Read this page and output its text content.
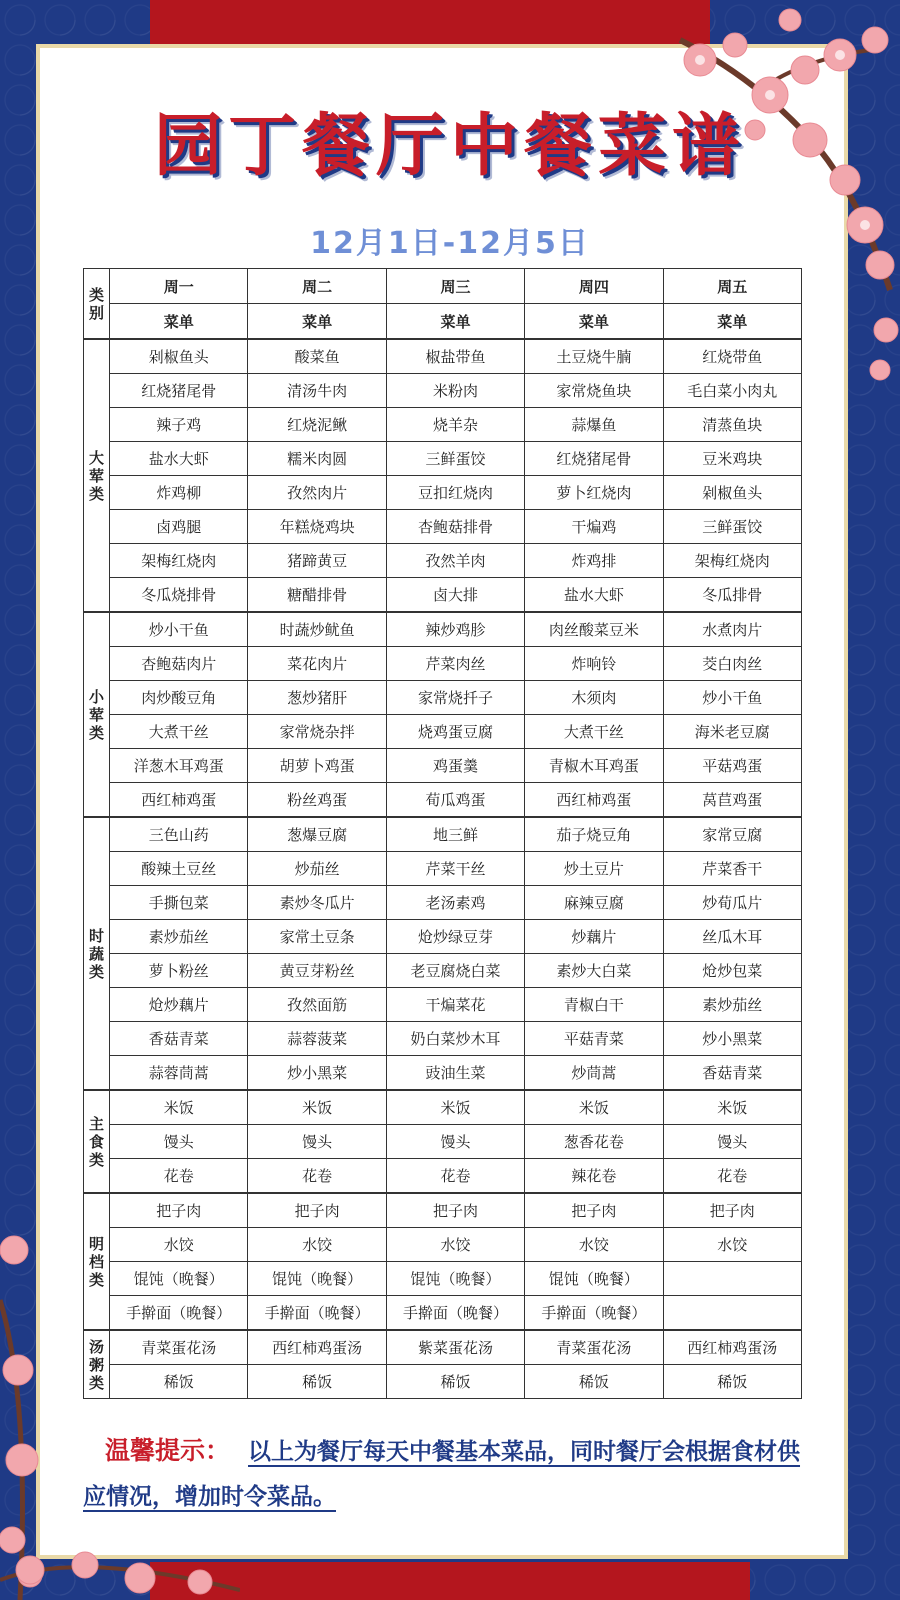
园丁餐厅中餐菜谱
12月1日-12月5日
类别	周一	周二	周三	周四	周五
	菜单	菜单	菜单	菜单	菜单
大荤类	剁椒鱼头	酸菜鱼	椒盐带鱼	土豆烧牛腩	红烧带鱼
	红烧猪尾骨	清汤牛肉	米粉肉	家常烧鱼块	毛白菜小肉丸
	辣子鸡	红烧泥鳅	烧羊杂	蒜爆鱼	清蒸鱼块
	盐水大虾	糯米肉圆	三鲜蛋饺	红烧猪尾骨	豆米鸡块
	炸鸡柳	孜然肉片	豆扣红烧肉	萝卜红烧肉	剁椒鱼头
	卤鸡腿	年糕烧鸡块	杏鲍菇排骨	干煸鸡	三鲜蛋饺
	架梅红烧肉	猪蹄黄豆	孜然羊肉	炸鸡排	架梅红烧肉
	冬瓜烧排骨	糖醋排骨	卤大排	盐水大虾	冬瓜排骨
小荤类	炒小干鱼	时蔬炒鱿鱼	辣炒鸡胗	肉丝酸菜豆米	水煮肉片
	杏鲍菇肉片	菜花肉片	芹菜肉丝	炸响铃	茭白肉丝
	肉炒酸豆角	葱炒猪肝	家常烧扦子	木须肉	炒小干鱼
	大煮干丝	家常烧杂拌	烧鸡蛋豆腐	大煮干丝	海米老豆腐
	洋葱木耳鸡蛋	胡萝卜鸡蛋	鸡蛋羹	青椒木耳鸡蛋	平菇鸡蛋
	西红柿鸡蛋	粉丝鸡蛋	荀瓜鸡蛋	西红柿鸡蛋	莴苣鸡蛋
时蔬类	三色山药	葱爆豆腐	地三鲜	茄子烧豆角	家常豆腐
	酸辣土豆丝	炒茄丝	芹菜干丝	炒土豆片	芹菜香干
	手撕包菜	素炒冬瓜片	老汤素鸡	麻辣豆腐	炒荀瓜片
	素炒茄丝	家常土豆条	炝炒绿豆芽	炒藕片	丝瓜木耳
	萝卜粉丝	黄豆芽粉丝	老豆腐烧白菜	素炒大白菜	炝炒包菜
	炝炒藕片	孜然面筋	干煸菜花	青椒白干	素炒茄丝
	香菇青菜	蒜蓉菠菜	奶白菜炒木耳	平菇青菜	炒小黑菜
	蒜蓉茼蒿	炒小黑菜	豉油生菜	炒茼蒿	香菇青菜
主食类	米饭	米饭	米饭	米饭	米饭
	馒头	馒头	馒头	葱香花卷	馒头
	花卷	花卷	花卷	辣花卷	花卷
明档类	把子肉	把子肉	把子肉	把子肉	把子肉
	水饺	水饺	水饺	水饺	水饺
	馄饨（晚餐）	馄饨（晚餐）	馄饨（晚餐）	馄饨（晚餐）	
	手擀面（晚餐）	手擀面（晚餐）	手擀面（晚餐）	手擀面（晚餐）	
汤粥类	青菜蛋花汤	西红柿鸡蛋汤	紫菜蛋花汤	青菜蛋花汤	西红柿鸡蛋汤
	稀饭	稀饭	稀饭	稀饭	稀饭
温馨提示： 以上为餐厅每天中餐基本菜品，同时餐厅会根据食材供应情况，增加时令菜品。
